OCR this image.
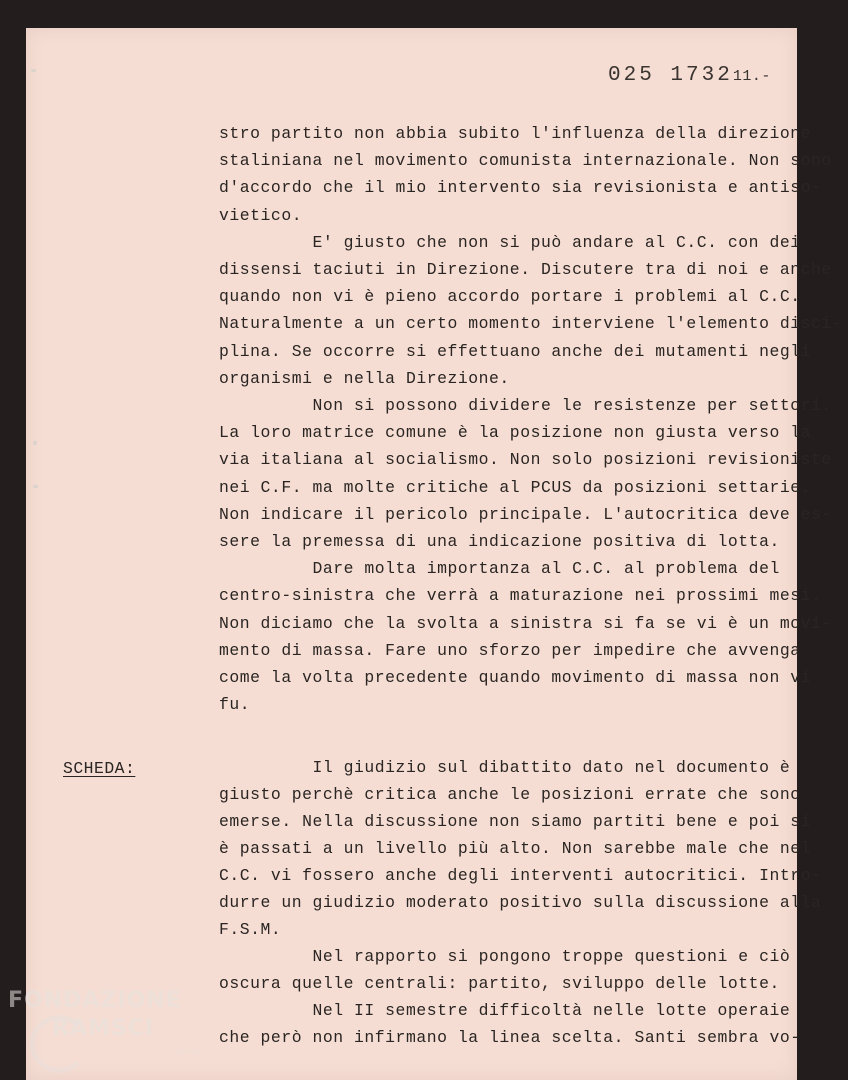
025 173211.-
stro partito non abbia subito l'influenza della direzione
staliniana nel movimento comunista internazionale. Non sono
d'accordo che il mio intervento sia revisionista e antiso-
vietico.
E' giusto che non si può andare al C.C. con dei
dissensi taciuti in Direzione. Discutere tra di noi e anche
quando non vi è pieno accordo portare i problemi al C.C.
Naturalmente a un certo momento interviene l'elemento disci-
plina. Se occorre si effettuano anche dei mutamenti negli
organismi e nella Direzione.
Non si possono dividere le resistenze per settori.
La loro matrice comune è la posizione non giusta verso la
via italiana al socialismo. Non solo posizioni revisioniste
nei C.F. ma molte critiche al PCUS da posizioni settarie.
Non indicare il pericolo principale. L'autocritica deve es-
sere la premessa di una indicazione positiva di lotta.
Dare molta importanza al C.C. al problema del
centro-sinistra che verrà a maturazione nei prossimi mesi.
Non diciamo che la svolta a sinistra si fa se vi è un movi-
mento di massa. Fare uno sforzo per impedire che avvenga
come la volta precedente quando movimento di massa non vi
fu.
Il giudizio sul dibattito dato nel documento è
giusto perchè critica anche le posizioni errate che sono
emerse. Nella discussione non siamo partiti bene e poi si
è passati a un livello più alto. Non sarebbe male che nel
C.C. vi fossero anche degli interventi autocritici. Intro-
durre un giudizio moderato positivo sulla discussione alla
F.S.M.
Nel rapporto si pongono troppe questioni e ciò
oscura quelle centrali: partito, sviluppo delle lotte.
Nel II semestre difficoltà nelle lotte operaie
che però non infirmano la linea scelta. Santi sembra vo-
SCHEDA:
FONDAZIONE
RAMSCI
onlus
